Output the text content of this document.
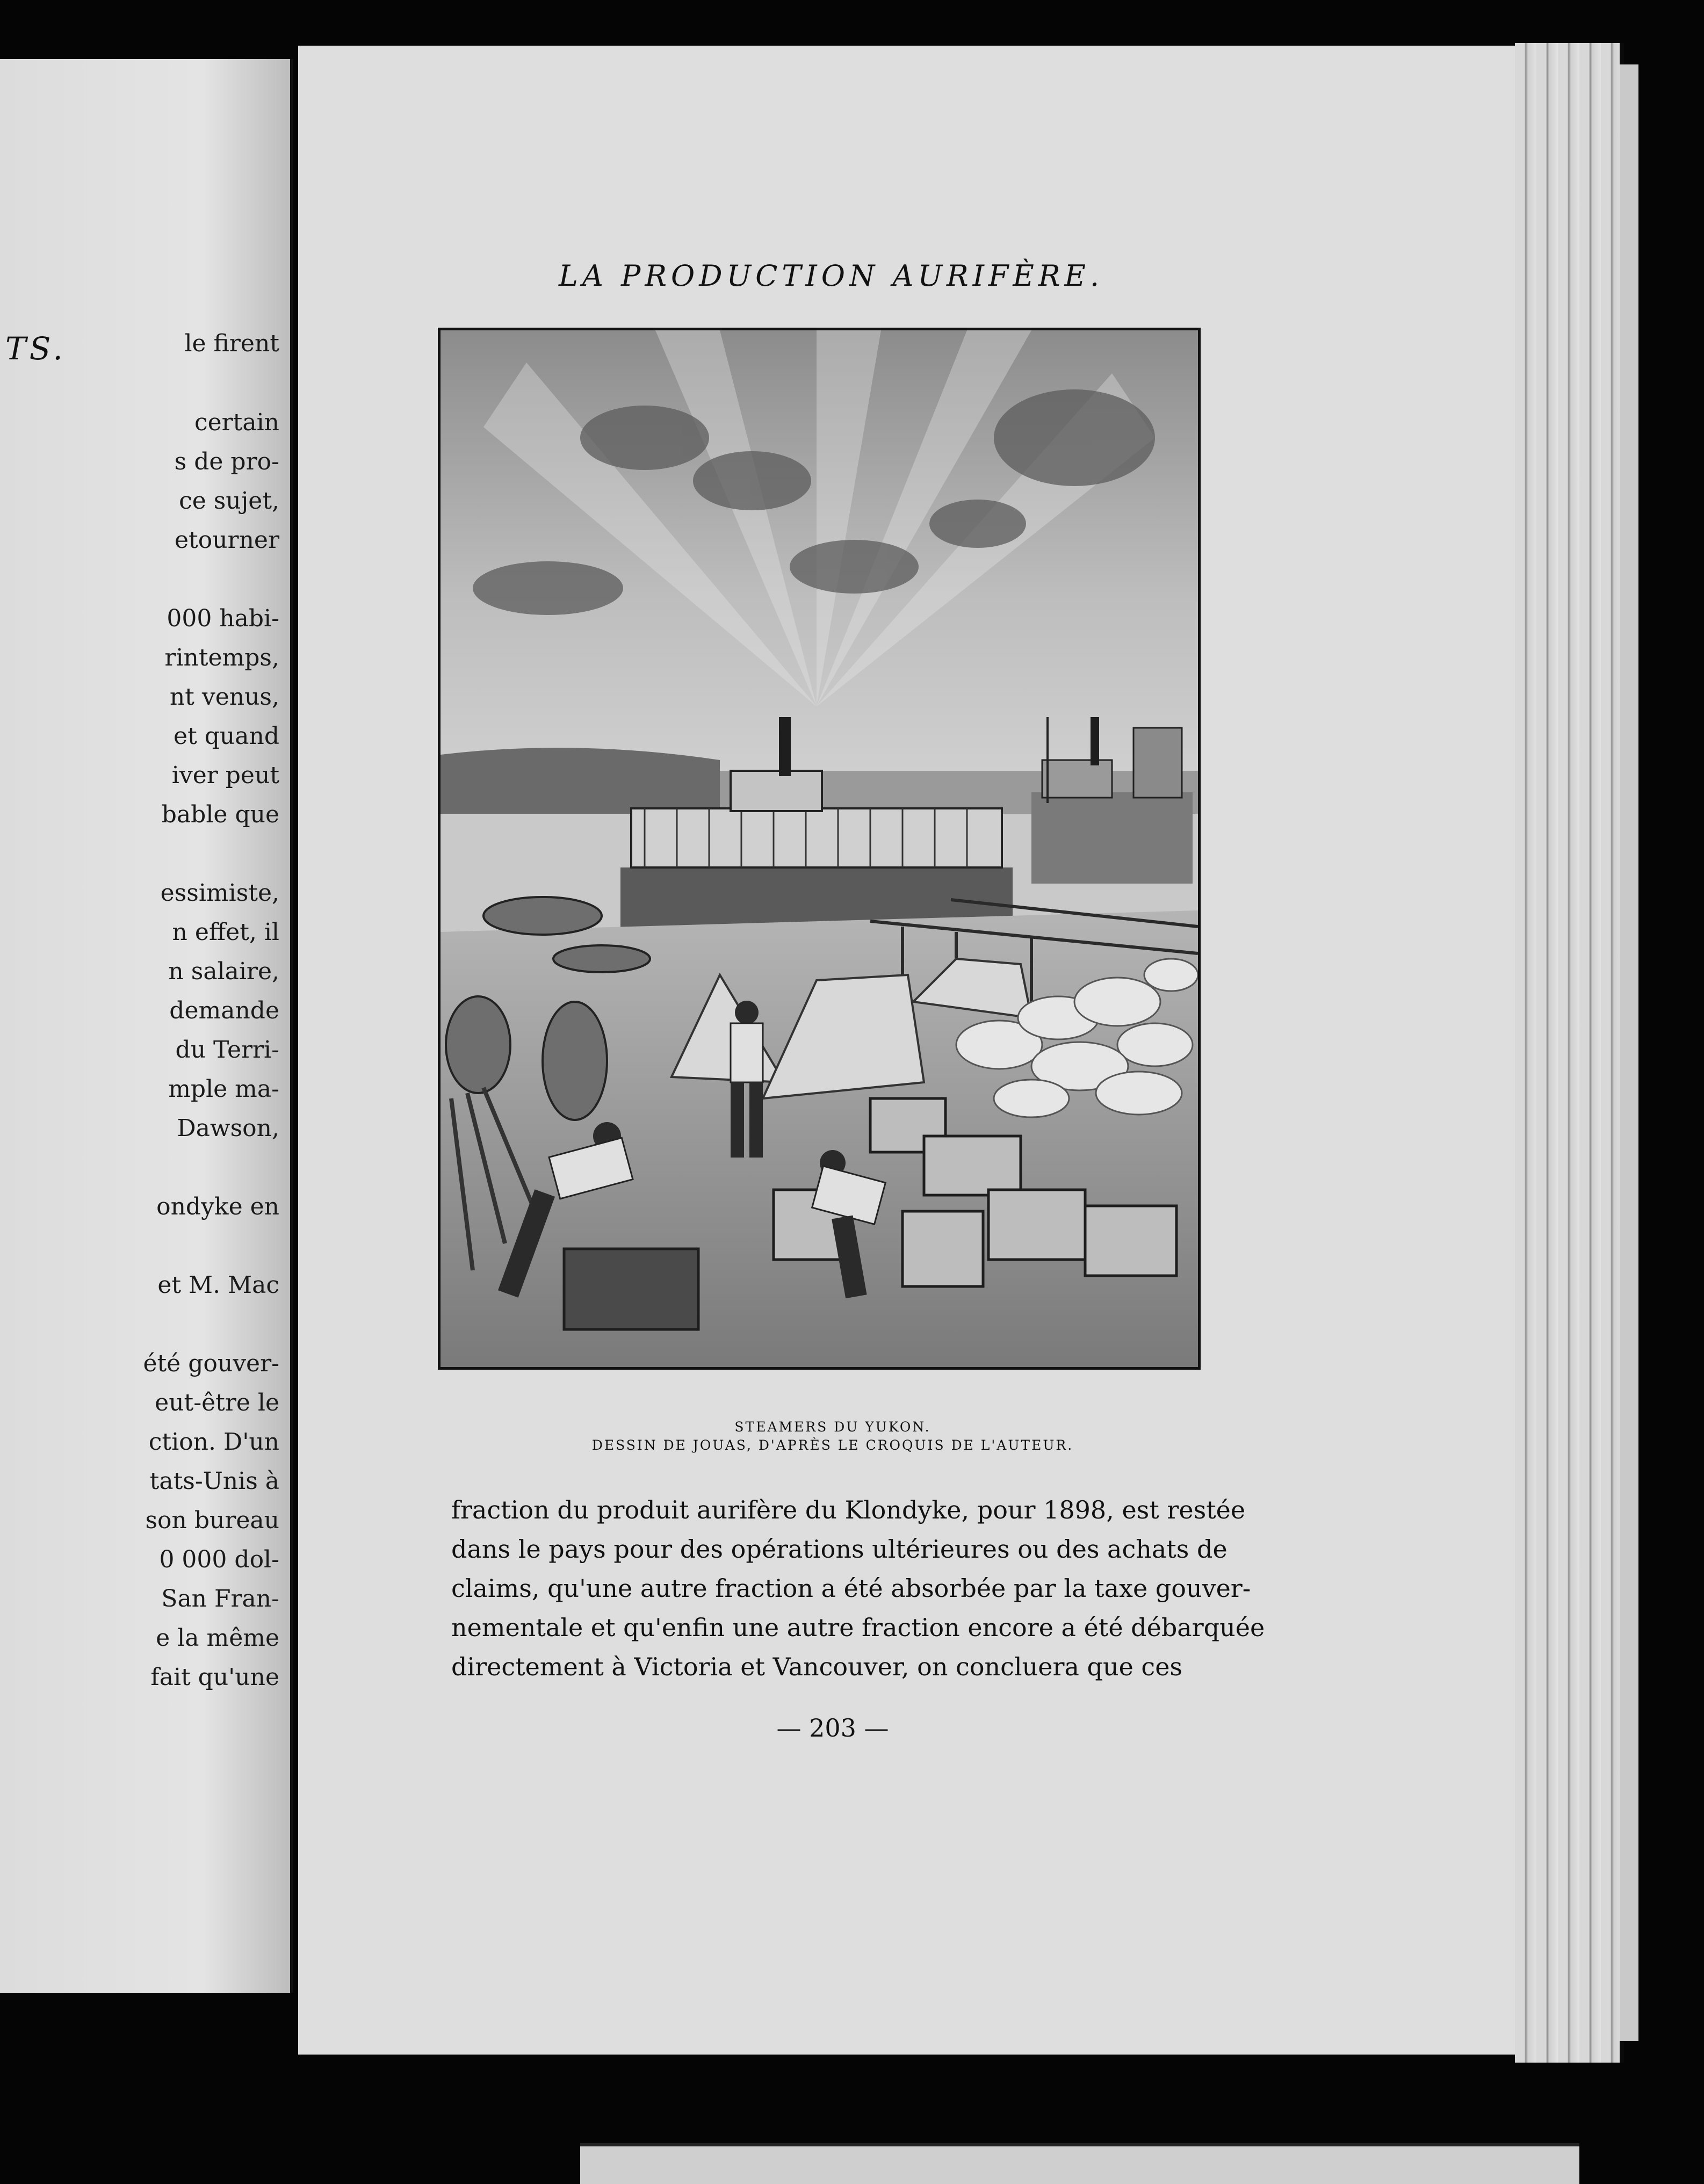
TS.	le firent
certain
s de pro-
ce sujet,
etourner
000 habi-
rintemps,
nt venus,
et quand
iver peut
bable que
essimiste,
n effet, il
n salaire,
demande
du Terri-
mple ma-
Dawson,
ondyke en
et M. Mac
été gouver-
eut-être le
ction. D'un
tats-Unis à
son bureau
0 000 dol-
San Fran-
e la même
fait qu'une
LA PRODUCTION AURIFÈRE.
STEAMERS DU YUKON.
DESSIN DE JOUAS, D'APRÈS LE CROQUIS DE L'AUTEUR.
fraction du produit aurifère du Klondyke, pour 1898, est restée
dans le pays pour des opérations ultérieures ou des achats de
claims, qu'une autre fraction a été absorbée par la taxe gouver-
nementale et qu'enfin une autre fraction encore a été débarquée
directement à Victoria et Vancouver, on concluera que ces
— 203 —
